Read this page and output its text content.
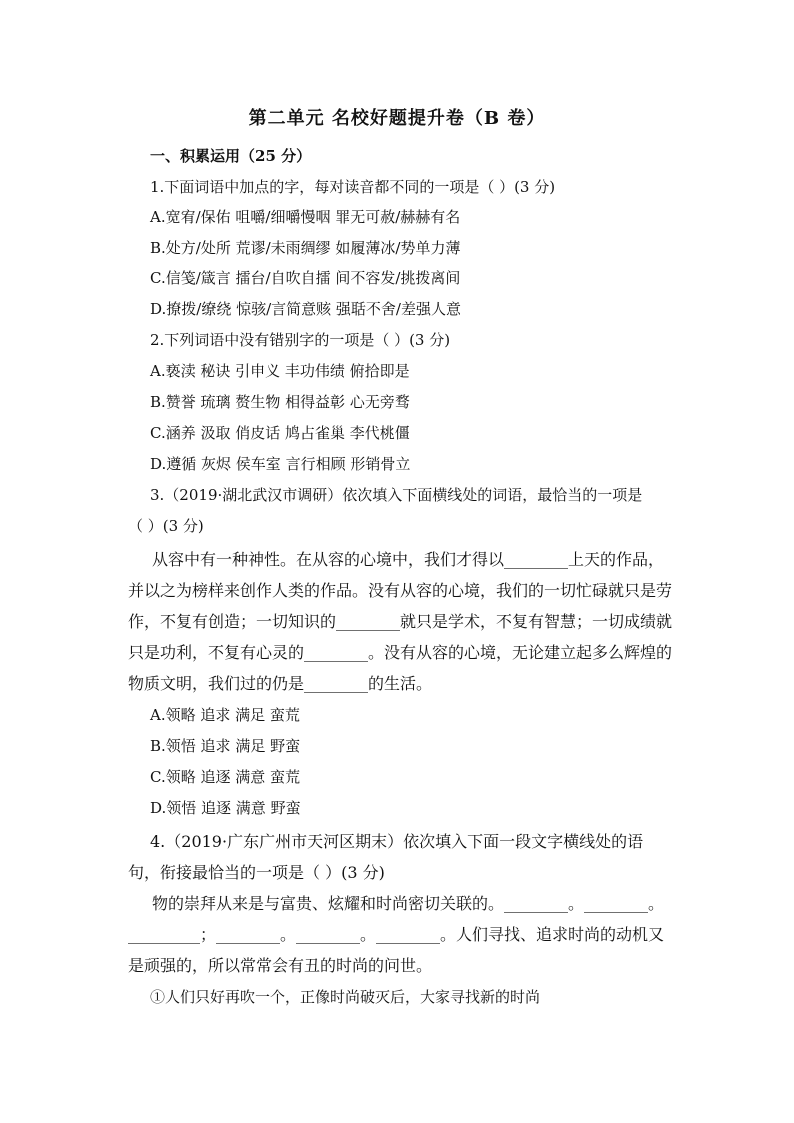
第二单元 名校好题提升卷（B 卷）
一、积累运用（25 分）
1.下面词语中加点的字，每对读音都不同的一项是（ ）(3 分)
A.宽宥/保佑 咀嚼/细嚼慢咽 罪无可赦/赫赫有名
B.处方/处所 荒谬/未雨绸缪 如履薄冰/势单力薄
C.信笺/箴言 擂台/自吹自擂 间不容发/挑拨离间
D.撩拨/缭绕 惊骇/言简意赅 强聒不舍/差强人意
2.下列词语中没有错别字的一项是（ ）(3 分)
A.亵渎 秘诀 引申义 丰功伟绩 俯拾即是
B.赞誉 琉璃 赘生物 相得益彰 心无旁骛
C.涵养 汲取 俏皮话 鸠占雀巢 李代桃僵
D.遵循 灰烬 侯车室 言行相顾 形销骨立
3.（2019·湖北武汉市调研）依次填入下面横线处的词语，最恰当的一项是
（ ）(3 分)

从容中有一种神性。在从容的心境中，我们才得以________上天的作品，并以之为榜样来创作人类的作品。没有从容的心境，我们的一切忙碌就只是劳作，不复有创造；一切知识的________就只是学术，不复有智慧；一切成绩就只是功利，不复有心灵的________。没有从容的心境，无论建立起多么辉煌的物质文明，我们过的仍是________的生活。

A.领略 追求 满足 蛮荒
B.领悟 追求 满足 野蛮
C.领略 追逐 满意 蛮荒
D.领悟 追逐 满意 野蛮

4.（2019·广东广州市天河区期末）依次填入下面一段文字横线处的语句，衔接最恰当的一项是（ ）(3 分)

物的崇拜从来是与富贵、炫耀和时尚密切关联的。________。________。_________；________。________。________。人们寻找、追求时尚的动机又是顽强的，所以常常会有丑的时尚的问世。

①人们只好再吹一个，正像时尚破灭后，大家寻找新的时尚
